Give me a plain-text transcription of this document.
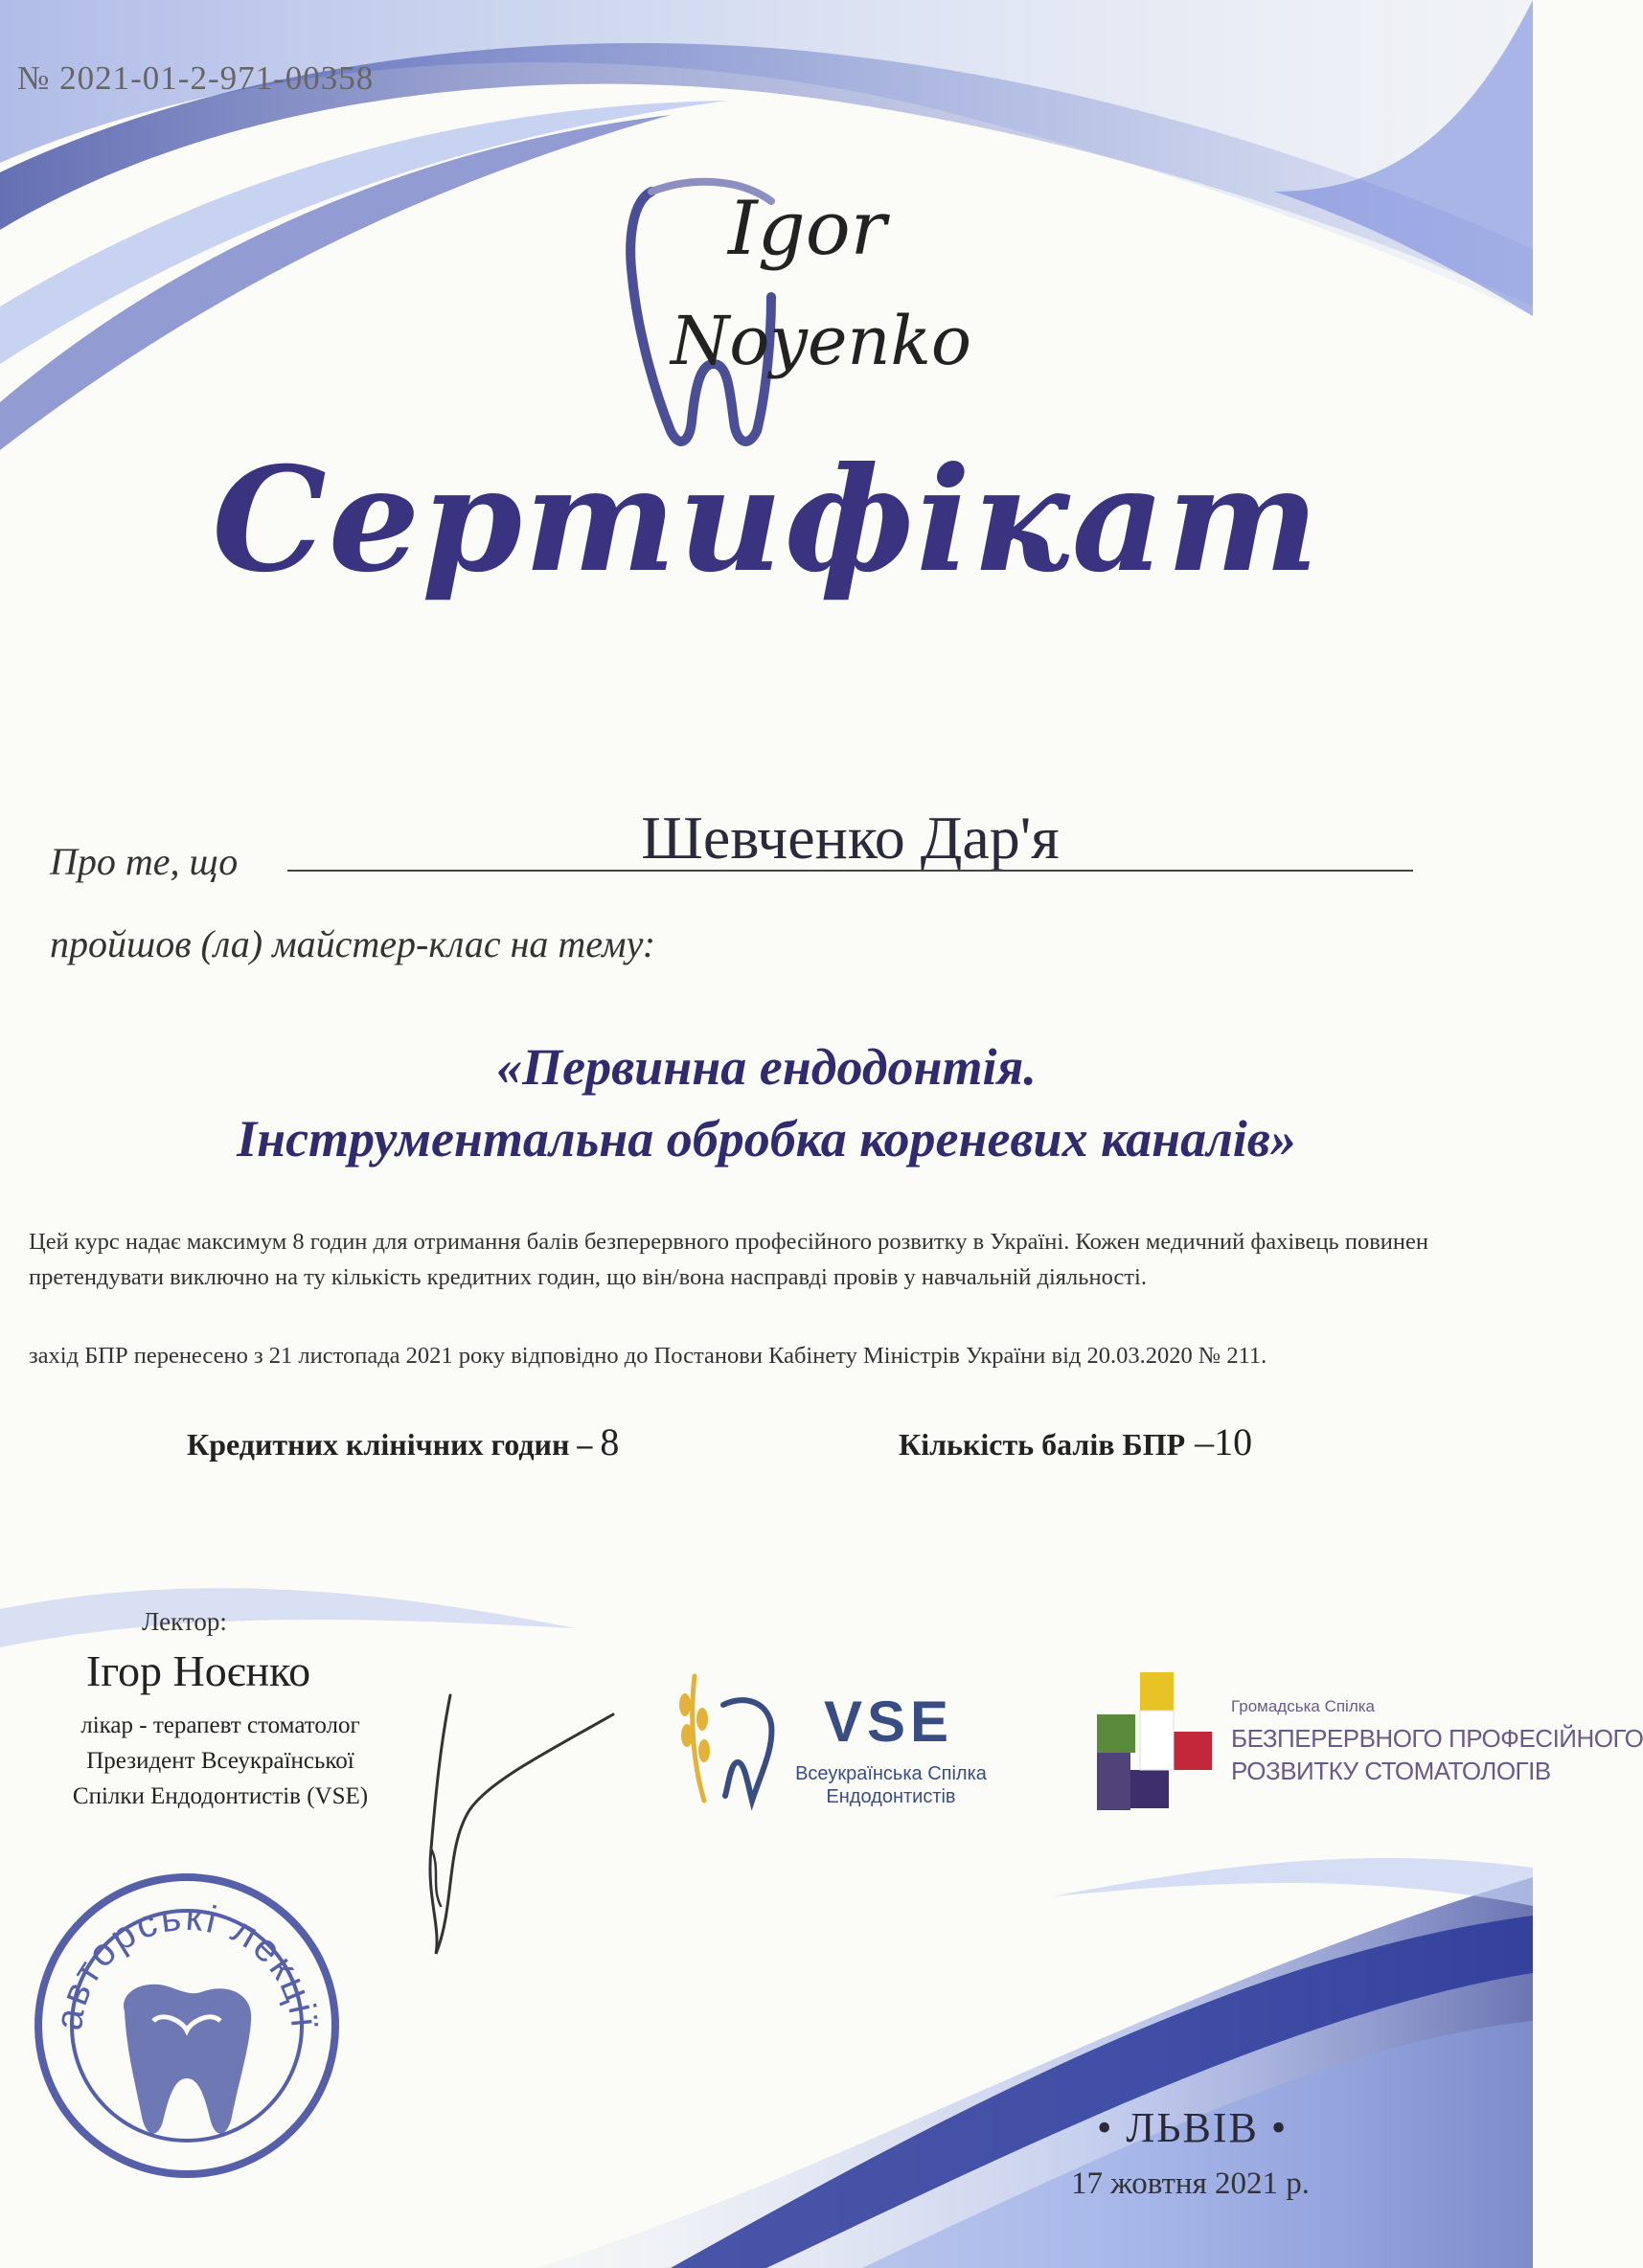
№ 2021-01-2-971-00358
Igor
Noyenko
Сертифікат
Про те, що	Шевченко Дар'я
пройшов (ла) майстер-клас на тему:
«Первинна ендодонтія.
Інструментальна обробка кореневих каналів»
Цей курс надає максимум 8 годин для отримання балів безперервного професійного розвитку в Україні. Кожен медичний фахівець повинен претендувати виключно на ту кількість кредитних годин, що він/вона насправді провів у навчальній діяльності.
захід БПР перенесено з 21 листопада 2021 року відповідно до Постанови Кабінету Міністрів України від 20.03.2020 № 211.
Кредитних клінічних годин – 8	Кількість балів БПР –10
Лектор:
Ігор Ноєнко
лікар - терапевт стоматолог
Президент Всеукраїнської
Спілки Ендодонтистів (VSE)
VSE
Всеукраїнська Спілка
Ендодонтистів
Громадська Спілка
БЕЗПЕРЕРВНОГО ПРОФЕСІЙНОГО
РОЗВИТКУ СТОМАТОЛОГІВ
авторські лекції
• ЛЬВІВ •
17 жовтня 2021 р.
